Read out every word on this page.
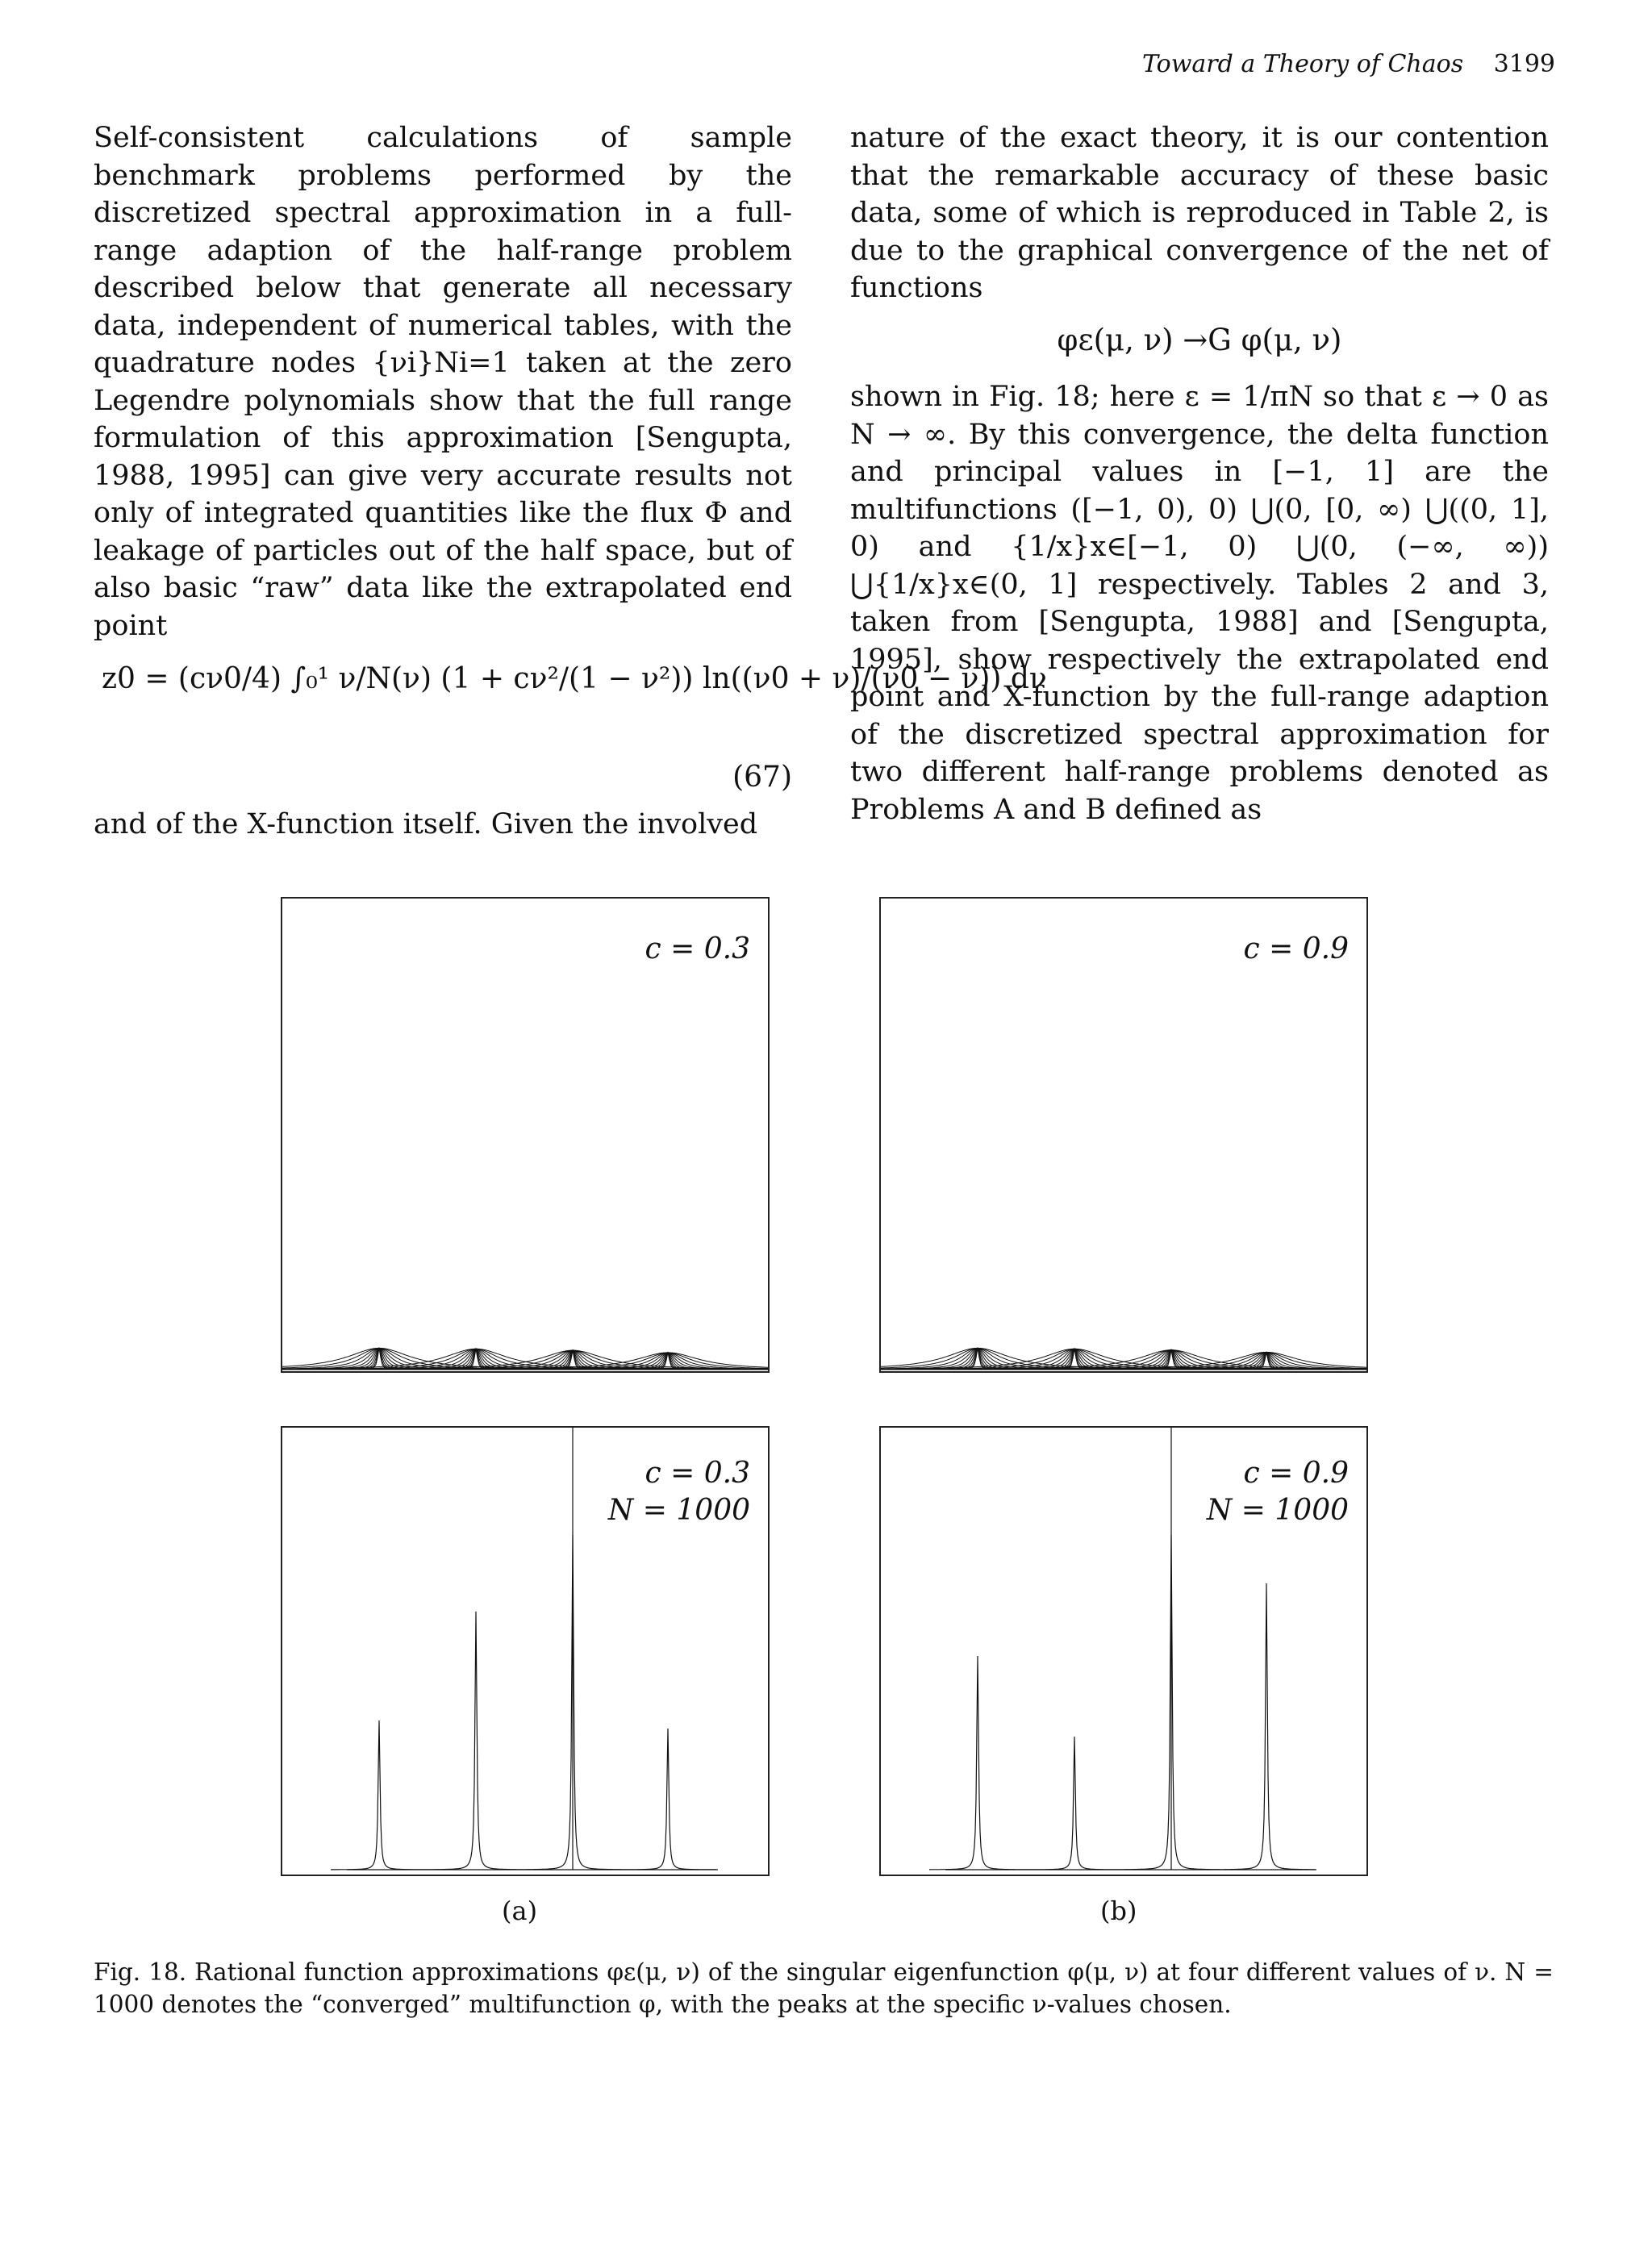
Toward a Theory of Chaos 3199

Self-consistent calculations of sample benchmark problems performed by the discretized spectral approximation in a full-range adaption of the half-range problem described below that generate all necessary data, independent of numerical tables, with the quadrature nodes {νi}Ni=1 taken at the zero Legendre polynomials show that the full range formulation of this approximation [Sengupta, 1988, 1995] can give very accurate results not only of integrated quantities like the flux Φ and leakage of particles out of the half space, but of also basic “raw” data like the extrapolated end point

z0 = (cν0/4) ∫₀¹ ν/N(ν) (1 + cν²/(1 − ν²)) ln((ν0 + ν)/(ν0 − ν)) dν
(67)

and of the X-function itself. Given the involved

nature of the exact theory, it is our contention that the remarkable accuracy of these basic data, some of which is reproduced in Table 2, is due to the graphical convergence of the net of functions

φε(μ, ν) →G φ(μ, ν)

shown in Fig. 18; here ε = 1/πN so that ε → 0 as N → ∞. By this convergence, the delta function and principal values in [−1, 1] are the multifunctions ([−1, 0), 0) ⋃(0, [0, ∞) ⋃((0, 1], 0) and {1/x}x∈[−1, 0) ⋃(0, (−∞, ∞)) ⋃{1/x}x∈(0, 1] respectively. Tables 2 and 3, taken from [Sengupta, 1988] and [Sengupta, 1995], show respectively the extrapolated end point and X-function by the full-range adaption of the discretized spectral approximation for two different half-range problems denoted as Problems A and B defined as

c = 0.3	c = 0.9
c = 0.3
N = 1000
c = 0.9
N = 1000
(a)	(b)
Fig. 18. Rational function approximations φε(μ, ν) of the singular eigenfunction φ(μ, ν) at four different values of ν. N = 1000 denotes the “converged” multifunction φ, with the peaks at the specific ν-values chosen.
